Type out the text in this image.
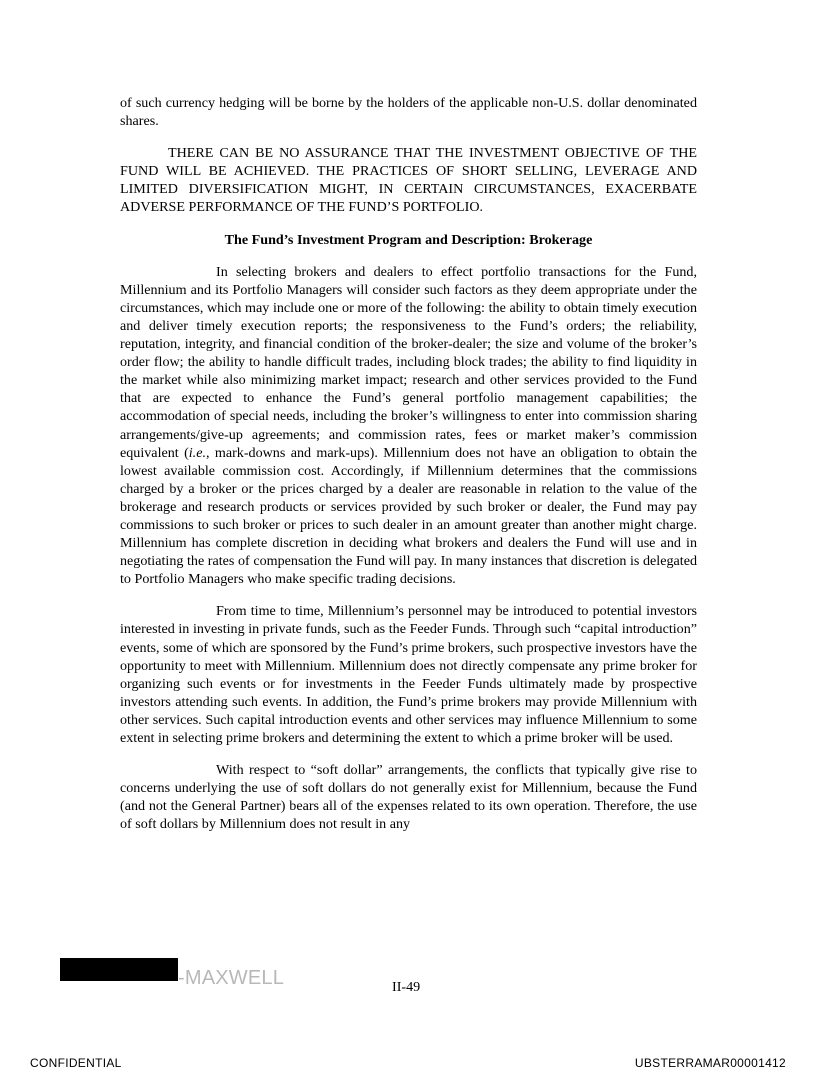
of such currency hedging will be borne by the holders of the applicable non-U.S. dollar denominated shares.

THERE CAN BE NO ASSURANCE THAT THE INVESTMENT OBJECTIVE OF THE FUND WILL BE ACHIEVED. THE PRACTICES OF SHORT SELLING, LEVERAGE AND LIMITED DIVERSIFICATION MIGHT, IN CERTAIN CIRCUMSTANCES, EXACERBATE ADVERSE PERFORMANCE OF THE FUND’S PORTFOLIO.

The Fund’s Investment Program and Description: Brokerage

In selecting brokers and dealers to effect portfolio transactions for the Fund, Millennium and its Portfolio Managers will consider such factors as they deem appropriate under the circumstances, which may include one or more of the following: the ability to obtain timely execution and deliver timely execution reports; the responsiveness to the Fund’s orders; the reliability, reputation, integrity, and financial condition of the broker-dealer; the size and volume of the broker’s order flow; the ability to handle difficult trades, including block trades; the ability to find liquidity in the market while also minimizing market impact; research and other services provided to the Fund that are expected to enhance the Fund’s general portfolio management capabilities; the accommodation of special needs, including the broker’s willingness to enter into commission sharing arrangements/give-up agreements; and commission rates, fees or market maker’s commission equivalent (i.e., mark-downs and mark-ups). Millennium does not have an obligation to obtain the lowest available commission cost. Accordingly, if Millennium determines that the commissions charged by a broker or the prices charged by a dealer are reasonable in relation to the value of the brokerage and research products or services provided by such broker or dealer, the Fund may pay commissions to such broker or prices to such dealer in an amount greater than another might charge. Millennium has complete discretion in deciding what brokers and dealers the Fund will use and in negotiating the rates of compensation the Fund will pay. In many instances that discretion is delegated to Portfolio Managers who make specific trading decisions.

From time to time, Millennium’s personnel may be introduced to potential investors interested in investing in private funds, such as the Feeder Funds. Through such “capital introduction” events, some of which are sponsored by the Fund’s prime brokers, such prospective investors have the opportunity to meet with Millennium. Millennium does not directly compensate any prime broker for organizing such events or for investments in the Feeder Funds ultimately made by prospective investors attending such events. In addition, the Fund’s prime brokers may provide Millennium with other services. Such capital introduction events and other services may influence Millennium to some extent in selecting prime brokers and determining the extent to which a prime broker will be used.

With respect to “soft dollar” arrangements, the conflicts that typically give rise to concerns underlying the use of soft dollars do not generally exist for Millennium, because the Fund (and not the General Partner) bears all of the expenses related to its own operation. Therefore, the use of soft dollars by Millennium does not result in any

-MAXWELL	II-49
CONFIDENTIAL	UBSTERRAMAR00001412
